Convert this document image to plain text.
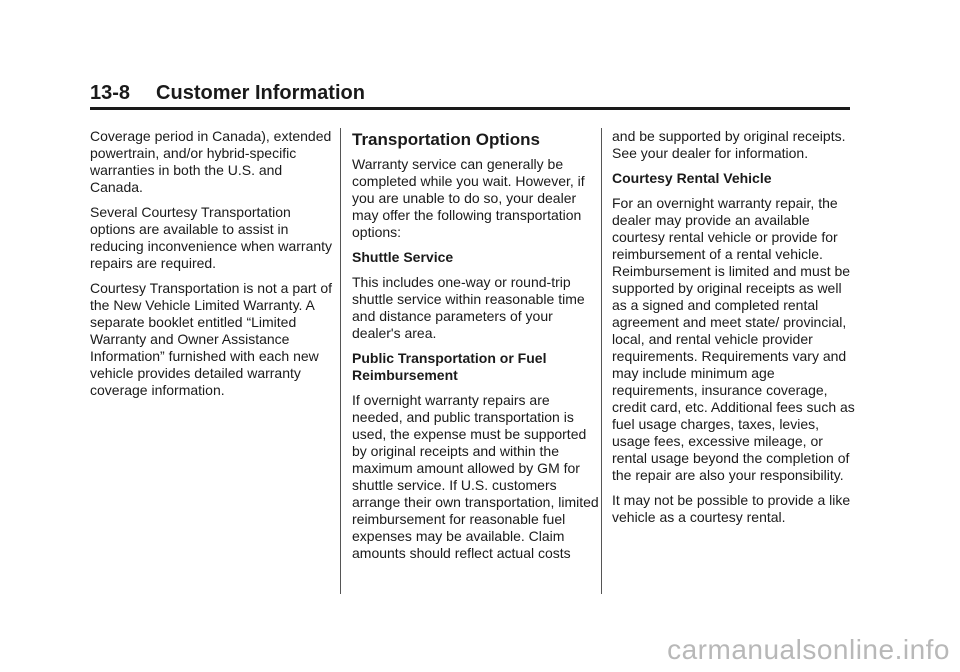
13-8 Customer Information

Coverage period in Canada), extended powertrain, and/or hybrid-specific warranties in both the U.S. and Canada.

Several Courtesy Transportation options are available to assist in reducing inconvenience when warranty repairs are required.

Courtesy Transportation is not a part of the New Vehicle Limited Warranty. A separate booklet entitled “Limited Warranty and Owner Assistance Information” furnished with each new vehicle provides detailed warranty coverage information.

Transportation Options

Warranty service can generally be completed while you wait. However, if you are unable to do so, your dealer may offer the following transportation options:

Shuttle Service

This includes one-way or round-trip shuttle service within reasonable time and distance parameters of your dealer's area.

Public Transportation or Fuel Reimbursement

If overnight warranty repairs are needed, and public transportation is used, the expense must be supported by original receipts and within the maximum amount allowed by GM for shuttle service. If U.S. customers arrange their own transportation, limited reimbursement for reasonable fuel expenses may be available. Claim amounts should reflect actual costs

and be supported by original receipts. See your dealer for information.

Courtesy Rental Vehicle

For an overnight warranty repair, the dealer may provide an available courtesy rental vehicle or provide for reimbursement of a rental vehicle. Reimbursement is limited and must be supported by original receipts as well as a signed and completed rental agreement and meet state/ provincial, local, and rental vehicle provider requirements. Requirements vary and may include minimum age requirements, insurance coverage, credit card, etc. Additional fees such as fuel usage charges, taxes, levies, usage fees, excessive mileage, or rental usage beyond the completion of the repair are also your responsibility.

It may not be possible to provide a like vehicle as a courtesy rental.

carmanualsonline.info
